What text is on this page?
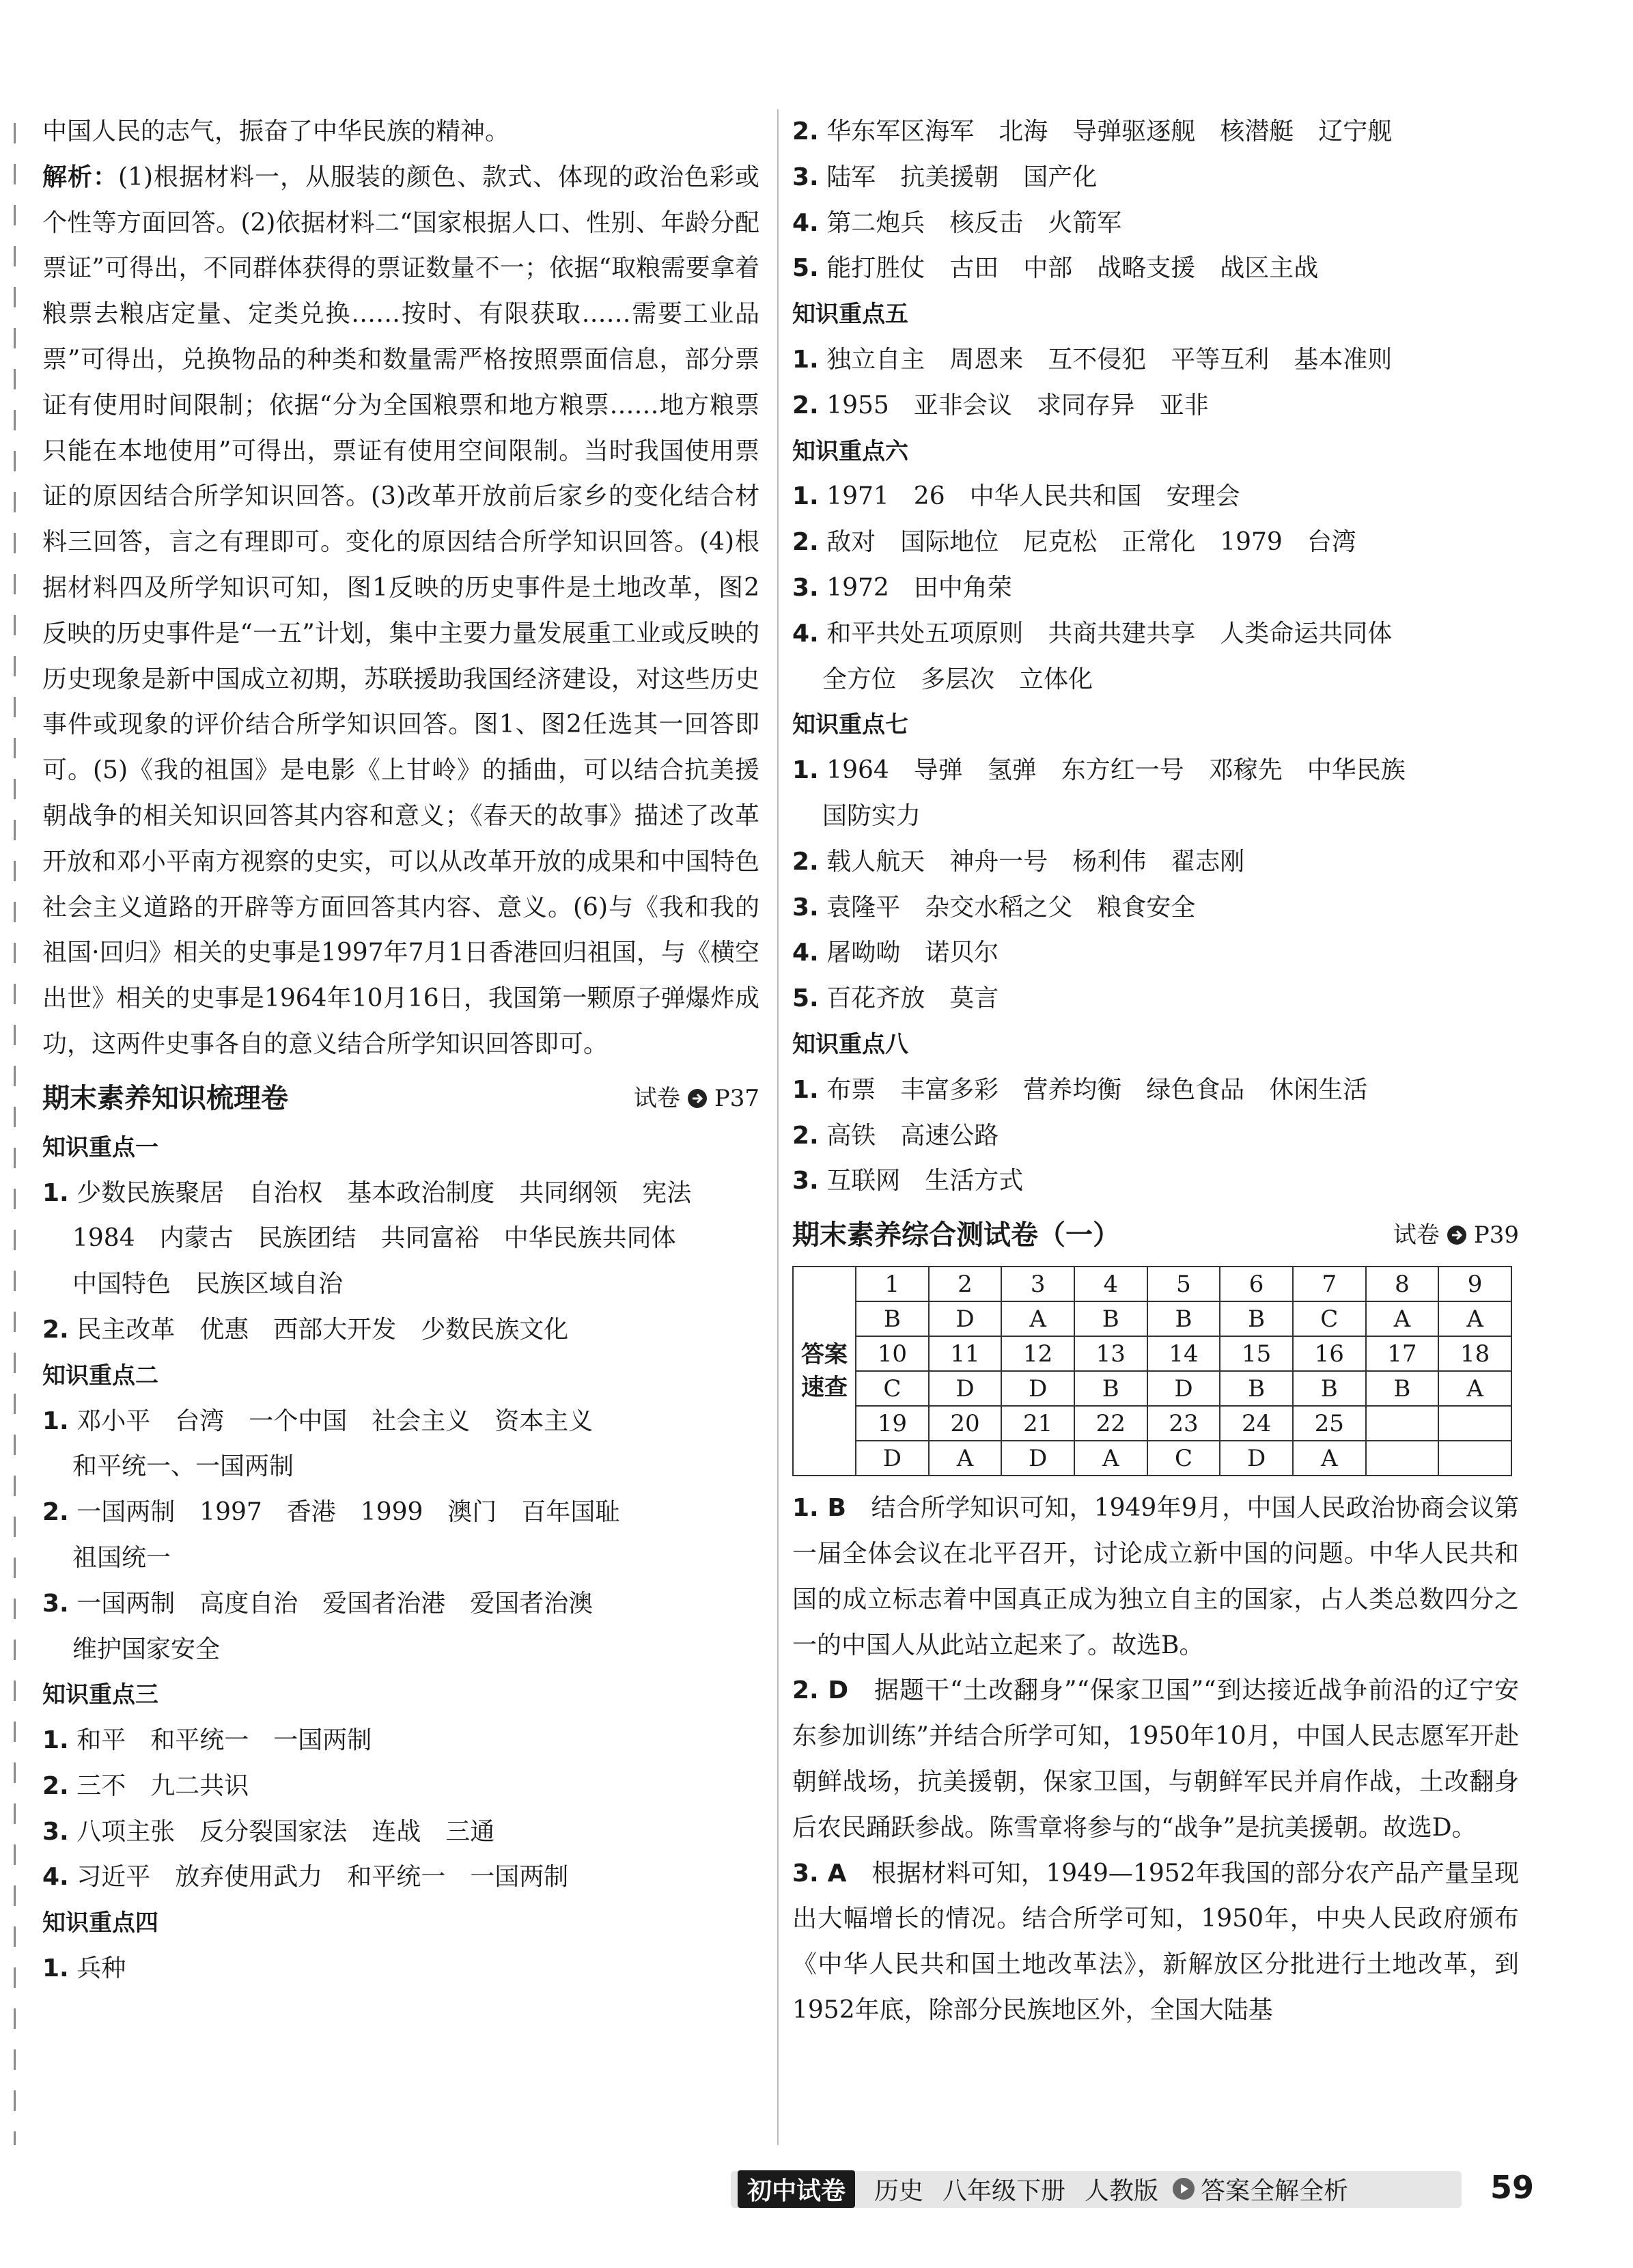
中国人民的志气，振奋了中华民族的精神。
解析：(1)根据材料一，从服装的颜色、款式、体现的政治色彩或个性等方面回答。(2)依据材料二“国家根据人口、性别、年龄分配票证”可得出，不同群体获得的票证数量不一；依据“取粮需要拿着粮票去粮店定量、定类兑换……按时、有限获取……需要工业品票”可得出，兑换物品的种类和数量需严格按照票面信息，部分票证有使用时间限制；依据“分为全国粮票和地方粮票……地方粮票只能在本地使用”可得出，票证有使用空间限制。当时我国使用票证的原因结合所学知识回答。(3)改革开放前后家乡的变化结合材料三回答，言之有理即可。变化的原因结合所学知识回答。(4)根据材料四及所学知识可知，图1反映的历史事件是土地改革，图2反映的历史事件是“一五”计划，集中主要力量发展重工业或反映的历史现象是新中国成立初期，苏联援助我国经济建设，对这些历史事件或现象的评价结合所学知识回答。图1、图2任选其一回答即可。(5)《我的祖国》是电影《上甘岭》的插曲，可以结合抗美援朝战争的相关知识回答其内容和意义；《春天的故事》描述了改革开放和邓小平南方视察的史实，可以从改革开放的成果和中国特色社会主义道路的开辟等方面回答其内容、意义。(6)与《我和我的祖国·回归》相关的史事是1997年7月1日香港回归祖国，与《横空出世》相关的史事是1964年10月16日，我国第一颗原子弹爆炸成功，这两件史事各自的意义结合所学知识回答即可。
期末素养知识梳理卷	试卷 P37
知识重点一
1. 少数民族聚居　自治权　基本政治制度　共同纲领　宪法
1984　内蒙古　民族团结　共同富裕　中华民族共同体
中国特色　民族区域自治
2. 民主改革　优惠　西部大开发　少数民族文化
知识重点二
1. 邓小平　台湾　一个中国　社会主义　资本主义
和平统一、一国两制
2. 一国两制　1997　香港　1999　澳门　百年国耻
祖国统一
3. 一国两制　高度自治　爱国者治港　爱国者治澳
维护国家安全
知识重点三
1. 和平　和平统一　一国两制
2. 三不　九二共识
3. 八项主张　反分裂国家法　连战　三通
4. 习近平　放弃使用武力　和平统一　一国两制
知识重点四
1. 兵种
2. 华东军区海军　北海　导弹驱逐舰　核潜艇　辽宁舰
3. 陆军　抗美援朝　国产化
4. 第二炮兵　核反击　火箭军
5. 能打胜仗　古田　中部　战略支援　战区主战
知识重点五
1. 独立自主　周恩来　互不侵犯　平等互利　基本准则
2. 1955　亚非会议　求同存异　亚非
知识重点六
1. 1971　26　中华人民共和国　安理会
2. 敌对　国际地位　尼克松　正常化　1979　台湾
3. 1972　田中角荣
4. 和平共处五项原则　共商共建共享　人类命运共同体
全方位　多层次　立体化
知识重点七
1. 1964　导弹　氢弹　东方红一号　邓稼先　中华民族
国防实力
2. 载人航天　神舟一号　杨利伟　翟志刚
3. 袁隆平　杂交水稻之父　粮食安全
4. 屠呦呦　诺贝尔
5. 百花齐放　莫言
知识重点八
1. 布票　丰富多彩　营养均衡　绿色食品　休闲生活
2. 高铁　高速公路
3. 互联网　生活方式
期末素养综合测试卷（一）	试卷 P39
答案速查	1	2	3	4	5	6	7	8	9
	B	D	A	B	B	B	C	A	A
	10	11	12	13	14	15	16	17	18
	C	D	D	B	D	B	B	B	A
	19	20	21	22	23	24	25		
	D	A	D	A	C	D	A		
1. B　 结合所学知识可知，1949年9月，中国人民政治协商会议第一届全体会议在北平召开，讨论成立新中国的问题。中华人民共和国的成立标志着中国真正成为独立自主的国家，占人类总数四分之一的中国人从此站立起来了。故选B。
2. D　 据题干“土改翻身”“保家卫国”“到达接近战争前沿的辽宁安东参加训练”并结合所学可知，1950年10月，中国人民志愿军开赴朝鲜战场，抗美援朝，保家卫国，与朝鲜军民并肩作战，土改翻身后农民踊跃参战。陈雪章将参与的“战争”是抗美援朝。故选D。
3. A　 根据材料可知，1949—1952年我国的部分农产品产量呈现出大幅增长的情况。结合所学可知，1950年，中央人民政府颁布《中华人民共和国土地改革法》，新解放区分批进行土地改革，到1952年底，除部分民族地区外，全国大陆基
初中试卷	历史 八年级下册 人教版 答案全解全析	59
